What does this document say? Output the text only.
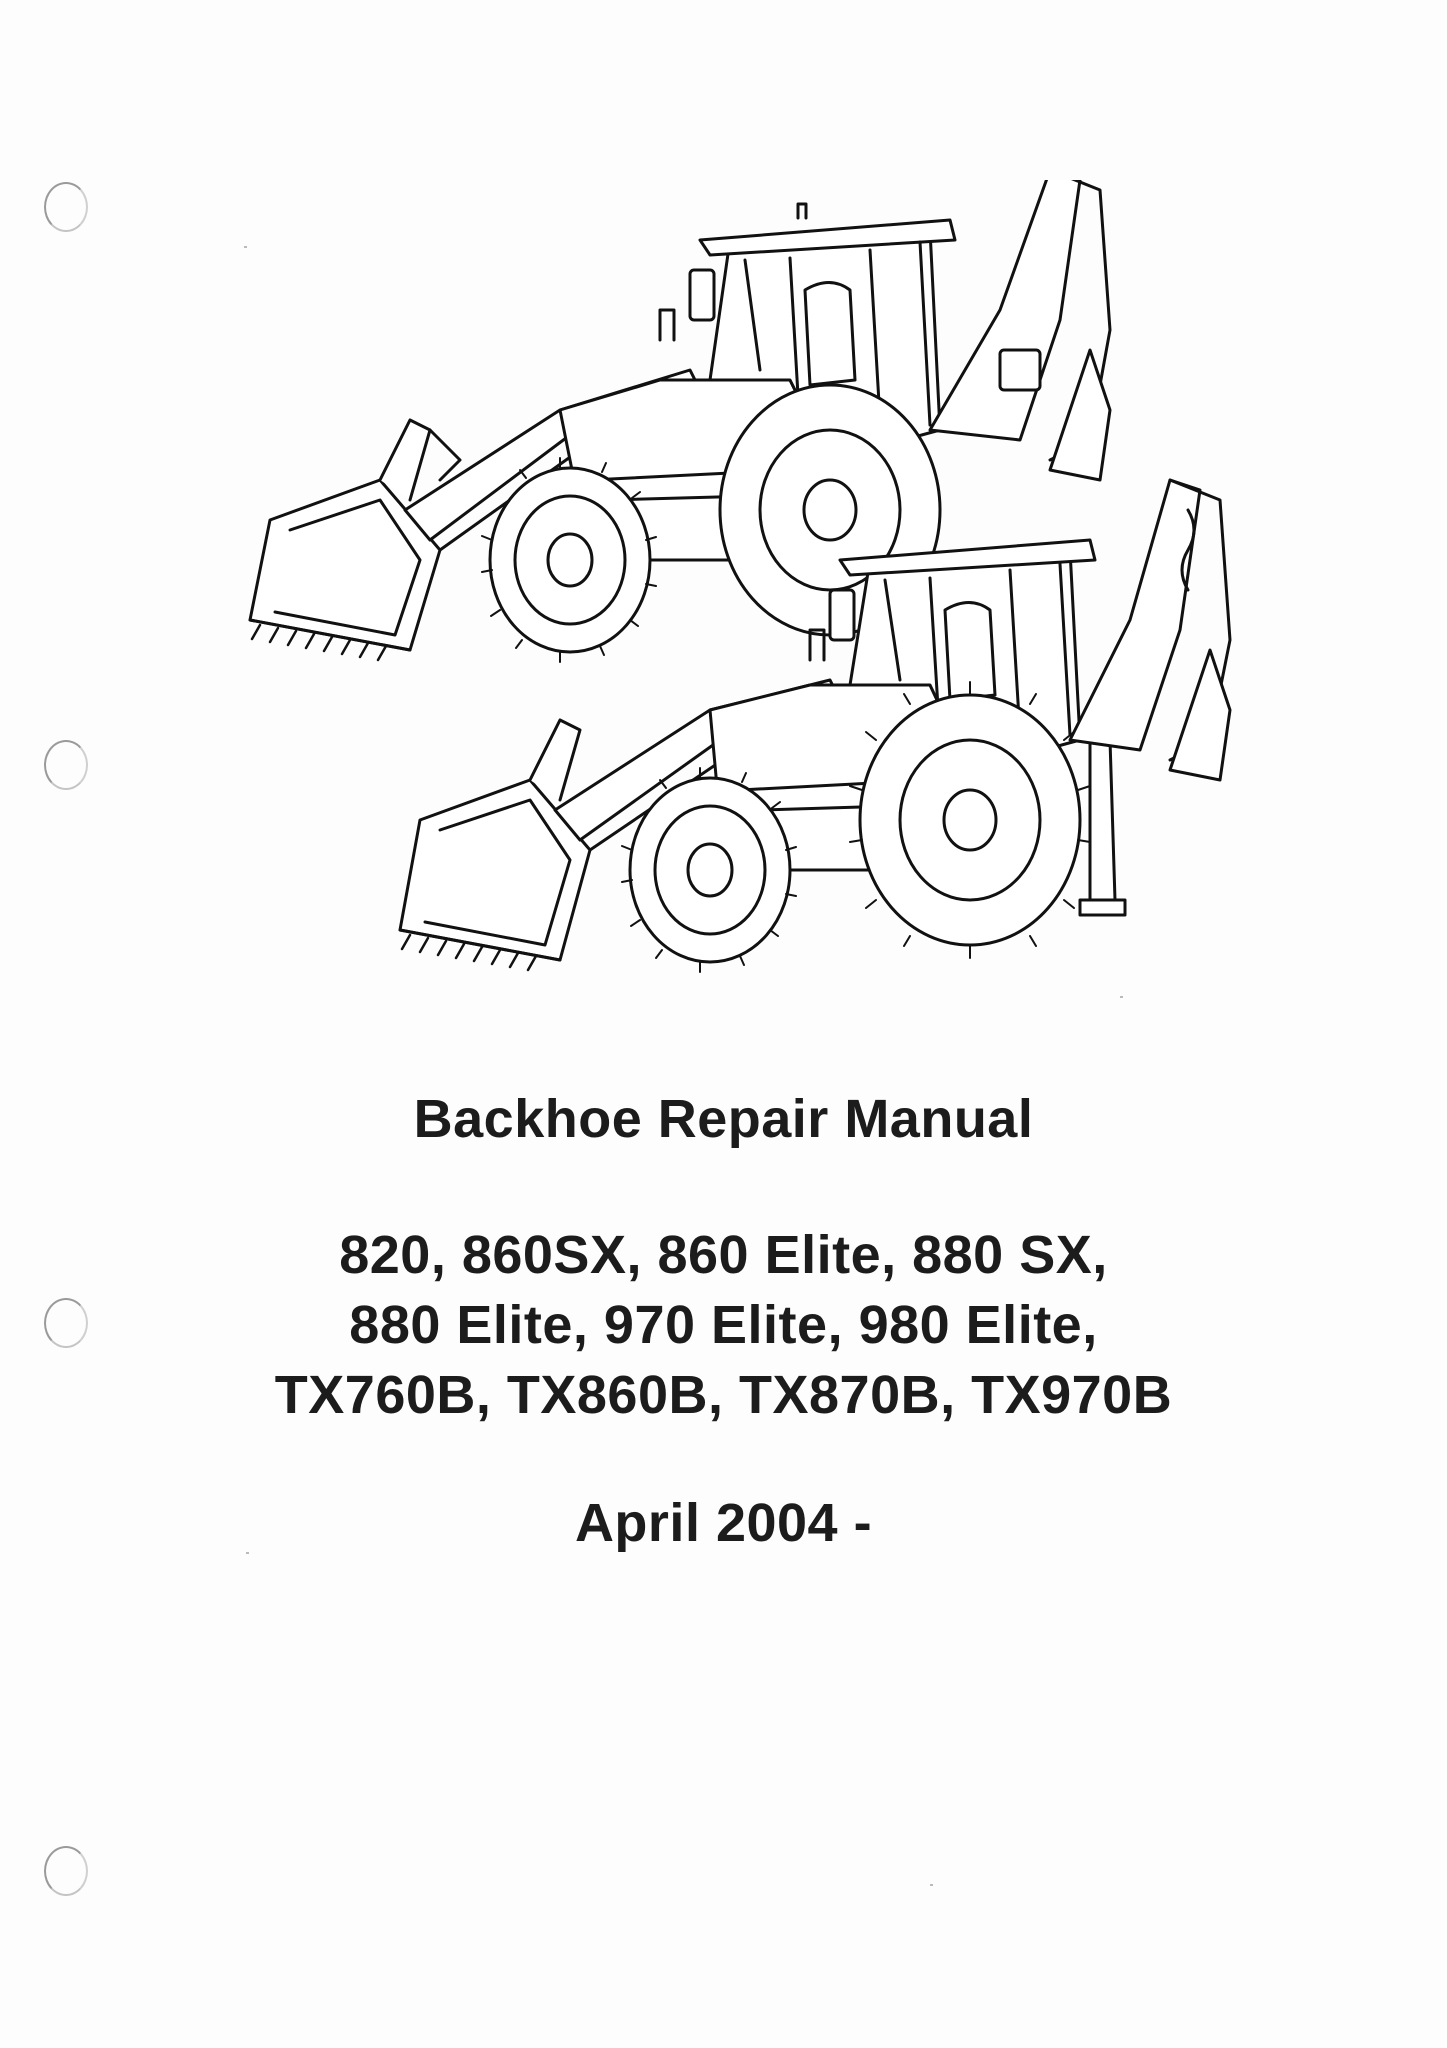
Backhoe Repair Manual
820, 860SX, 860 Elite, 880 SX,
880 Elite, 970 Elite, 980 Elite,
TX760B, TX860B, TX870B, TX970B
April 2004 -
